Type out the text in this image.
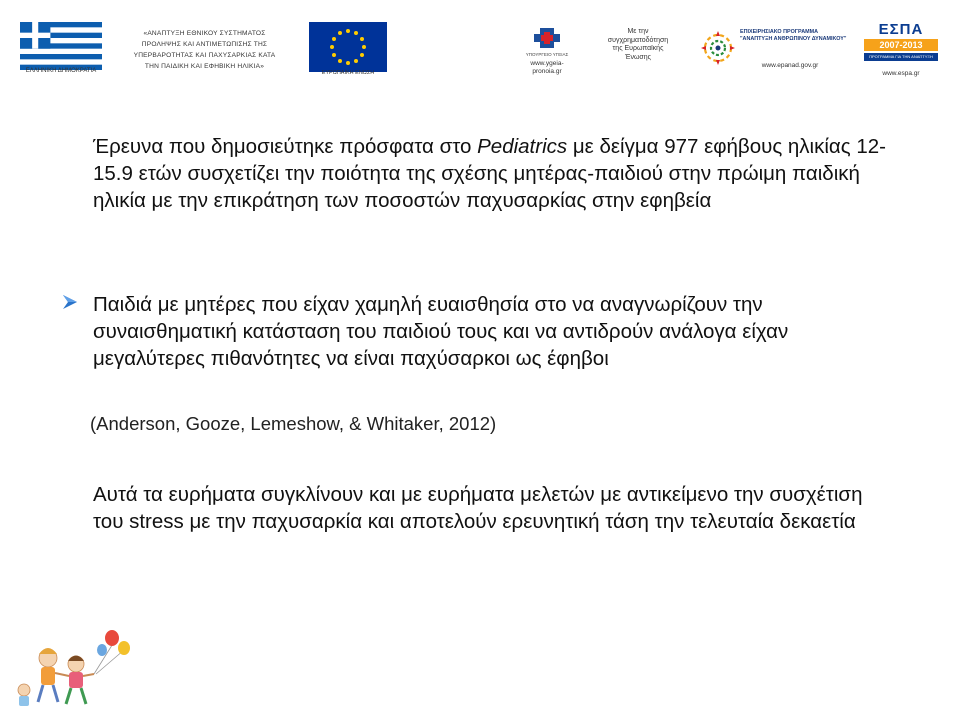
ΕΛΛΗΝΙΚΗ ΔΗΜΟΚΡΑΤΙΑ
«ΑΝΑΠΤΥΞΗ ΕΘΝΙΚΟΥ ΣΥΣΤΗΜΑΤΟΣ
ΠΡΟΛΗΨΗΣ ΚΑΙ ΑΝΤΙΜΕΤΩΠΙΣΗΣ ΤΗΣ
ΥΠΕΡΒΑΡΟΤΗΤΑΣ ΚΑΙ ΠΑΧΥΣΑΡΚΙΑΣ ΚΑΤΑ
ΤΗΝ ΠΑΙΔΙΚΗ ΚΑΙ ΕΦΗΒΙΚΗ ΗΛΙΚΙΑ»
ΕΥΡΩΠΑΪΚΗ ΕΝΩΣΗ
ΥΠΟΥΡΓΕΙΟ ΥΓΕΙΑΣ
www.ygeia-
pronoia.gr
Με την
συγχρηματοδότηση
της Ευρωπαϊκής
Ένωσης
ΕΠΙΧΕΙΡΗΣΙΑΚΟ ΠΡΟΓΡΑΜΜΑ
"ΑΝΑΠΤΥΞΗ ΑΝΘΡΩΠΙΝΟΥ ΔΥΝΑΜΙΚΟΥ"
www.epanad.gov.gr
ΕΣΠΑ
2007-2013
ΠΡΟΓΡΑΜΜΑ ΓΙΑ ΤΗΝ ΑΝΑΠΤΥΞΗ
www.espa.gr
Έρευνα που δημοσιεύτηκε πρόσφατα στο Pediatrics με δείγμα 977 εφήβους ηλικίας 12-15.9 ετών συσχετίζει την ποιότητα της σχέσης μητέρας-παιδιού στην πρώιμη παιδική ηλικία με την επικράτηση των ποσοστών παχυσαρκίας στην εφηβεία
Παιδιά με μητέρες που είχαν χαμηλή ευαισθησία στο να αναγνωρίζουν την συναισθηματική κατάσταση του παιδιού τους και να αντιδρούν ανάλογα είχαν μεγαλύτερες πιθανότητες να είναι παχύσαρκοι ως έφηβοι
(Anderson, Gooze, Lemeshow, & Whitaker, 2012)
Αυτά τα ευρήματα συγκλίνουν και με ευρήματα μελετών με αντικείμενο την συσχέτιση του stress με την παχυσαρκία και αποτελούν ερευνητική τάση την τελευταία δεκαετία
